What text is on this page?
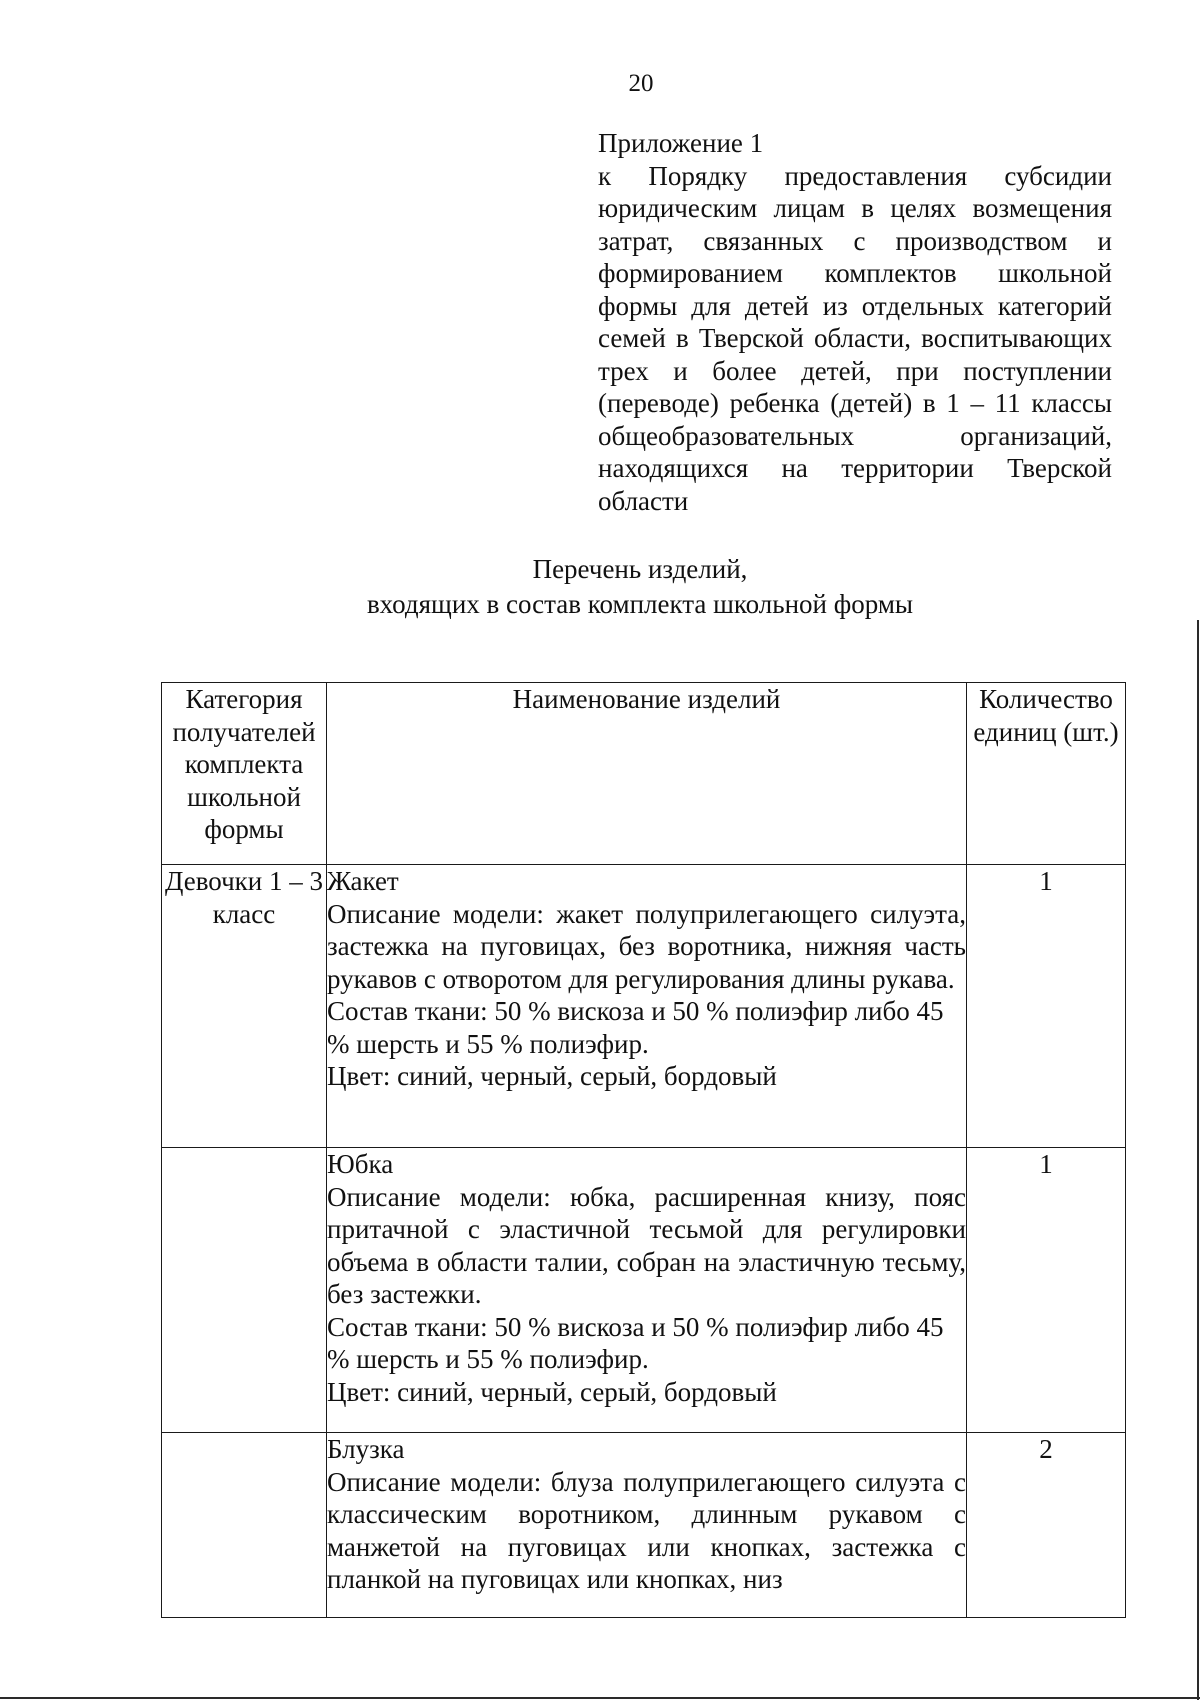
20
Приложение 1
к Порядку предоставления субсидии юридическим лицам в целях возмещения затрат, связанных с производством и формированием комплектов школьной формы для детей из отдельных категорий семей в Тверской области, воспитывающих трех и более детей, при поступлении (переводе) ребенка (детей) в 1 – 11 классы общеобразовательных организаций, находящихся на территории Тверской области
Перечень изделий,
входящих в состав комплекта школьной формы
Категория получателей комплекта школьной формы	Наименование изделий	Количество единиц (шт.)
Девочки 1 – 3 класс	Жакет
Описание модели: жакет полуприлегающего силуэта, застежка на пуговицах, без воротника, нижняя часть рукавов с отворотом для регулирования длины рукава.
Состав ткани: 50 % вискоза и 50 % полиэфир либо 45 % шерсть и 55 % полиэфир.
Цвет: синий, черный, серый, бордовый	1

	Юбка
Описание модели: юбка, расширенная книзу, пояс притачной с эластичной тесьмой для регулировки объема в области талии, собран на эластичную тесьму, без застежки.
Состав ткани: 50 % вискоза и 50 % полиэфир либо 45 % шерсть и 55 % полиэфир.
Цвет: синий, черный, серый, бордовый	1

	Блузка
Описание модели: блуза полуприлегающего силуэта с классическим воротником, длинным рукавом с манжетой на пуговицах или кнопках, застежка с планкой на пуговицах или кнопках, низ	2
